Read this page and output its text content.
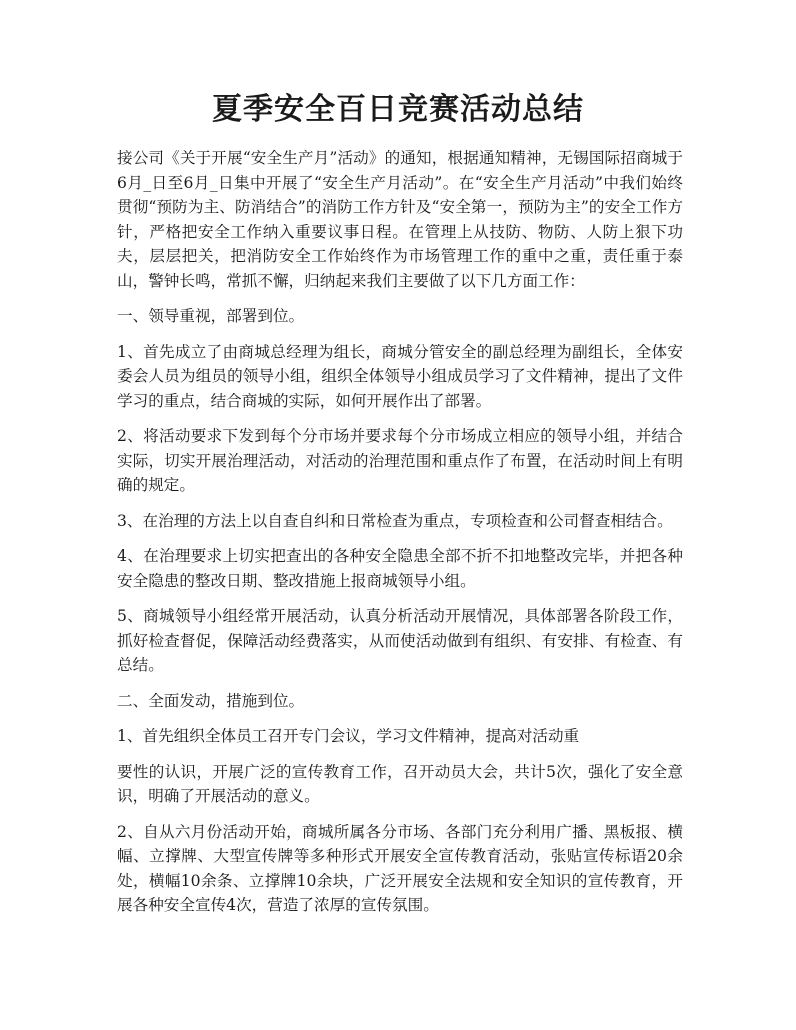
夏季安全百日竞赛活动总结

接公司《关于开展“安全生产月”活动》的通知，根据通知精神，无锡国际招商城于6月_日至6月_日集中开展了“安全生产月活动”。在“安全生产月活动”中我们始终贯彻“预防为主、防消结合”的消防工作方针及“安全第一，预防为主”的安全工作方针，严格把安全工作纳入重要议事日程。在管理上从技防、物防、人防上狠下功夫，层层把关，把消防安全工作始终作为市场管理工作的重中之重，责任重于泰山，警钟长鸣，常抓不懈，归纳起来我们主要做了以下几方面工作：

一、领导重视，部署到位。

1、首先成立了由商城总经理为组长，商城分管安全的副总经理为副组长，全体安委会人员为组员的领导小组，组织全体领导小组成员学习了文件精神，提出了文件学习的重点，结合商城的实际，如何开展作出了部署。

2、将活动要求下发到每个分市场并要求每个分市场成立相应的领导小组，并结合实际，切实开展治理活动，对活动的治理范围和重点作了布置，在活动时间上有明确的规定。

3、在治理的方法上以自查自纠和日常检查为重点，专项检查和公司督查相结合。

4、在治理要求上切实把查出的各种安全隐患全部不折不扣地整改完毕，并把各种安全隐患的整改日期、整改措施上报商城领导小组。

5、商城领导小组经常开展活动，认真分析活动开展情况，具体部署各阶段工作，抓好检查督促，保障活动经费落实，从而使活动做到有组织、有安排、有检查、有总结。

二、全面发动，措施到位。

1、首先组织全体员工召开专门会议，学习文件精神，提高对活动重

要性的认识，开展广泛的宣传教育工作，召开动员大会，共计5次，强化了安全意识，明确了开展活动的意义。

2、自从六月份活动开始，商城所属各分市场、各部门充分利用广播、黑板报、横幅、立撑牌、大型宣传牌等多种形式开展安全宣传教育活动，张贴宣传标语20余处，横幅10余条、立撑牌10余块，广泛开展安全法规和安全知识的宣传教育，开展各种安全宣传4次，营造了浓厚的宣传氛围。
